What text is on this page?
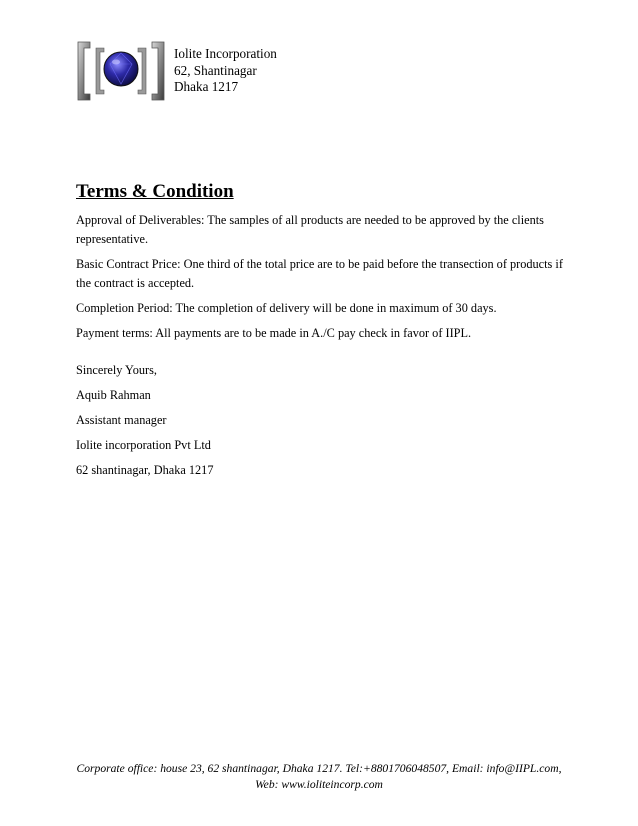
Iolite Incorporation
62, Shantinagar
Dhaka 1217
Terms & Condition

Approval of Deliverables: The samples of all products are needed to be approved by the clients representative.

Basic Contract Price: One third of the total price are to be paid before the transection of products if the contract is accepted.

Completion Period: The completion of delivery will be done in maximum of 30 days.

Payment terms: All payments are to be made in A./C pay check in favor of IIPL.

Sincerely Yours,

Aquib Rahman

Assistant manager

Iolite incorporation Pvt Ltd

62 shantinagar, Dhaka 1217

Corporate office: house 23, 62 shantinagar, Dhaka 1217. Tel:+8801706048507, Email: info@IIPL.com,
Web: www.ioliteincorp.com
